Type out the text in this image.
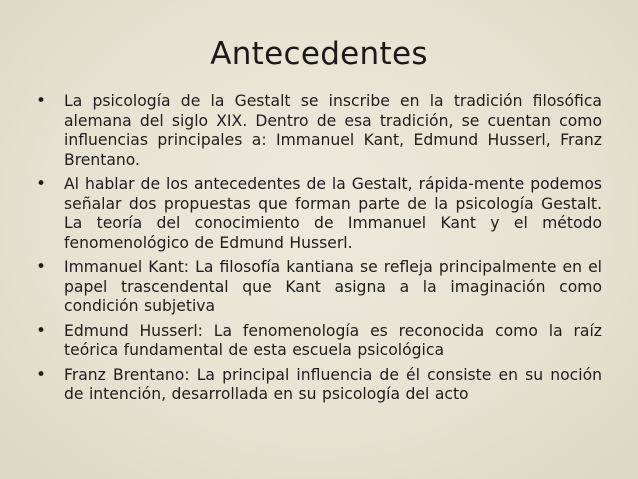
Antecedentes
• La psicología de la Gestalt se inscribe en la tradición filosófica alemana del siglo XIX. Dentro de esa tradición, se cuentan como influencias principales a: Immanuel Kant, Edmund Husserl, Franz Brentano.
• Al hablar de los antecedentes de la Gestalt, rápida-mente podemos señalar dos propuestas que forman parte de la psicología Gestalt. La teoría del conocimiento de Immanuel Kant y el método fenomenológico de Edmund Husserl.
• Immanuel Kant: La filosofía kantiana se refleja principalmente en el papel trascendental que Kant asigna a la imaginación como condición subjetiva
• Edmund Husserl: La fenomenología es reconocida como la raíz teórica fundamental de esta escuela psicológica
• Franz Brentano: La principal influencia de él consiste en su noción de intención, desarrollada en su psicología del acto
